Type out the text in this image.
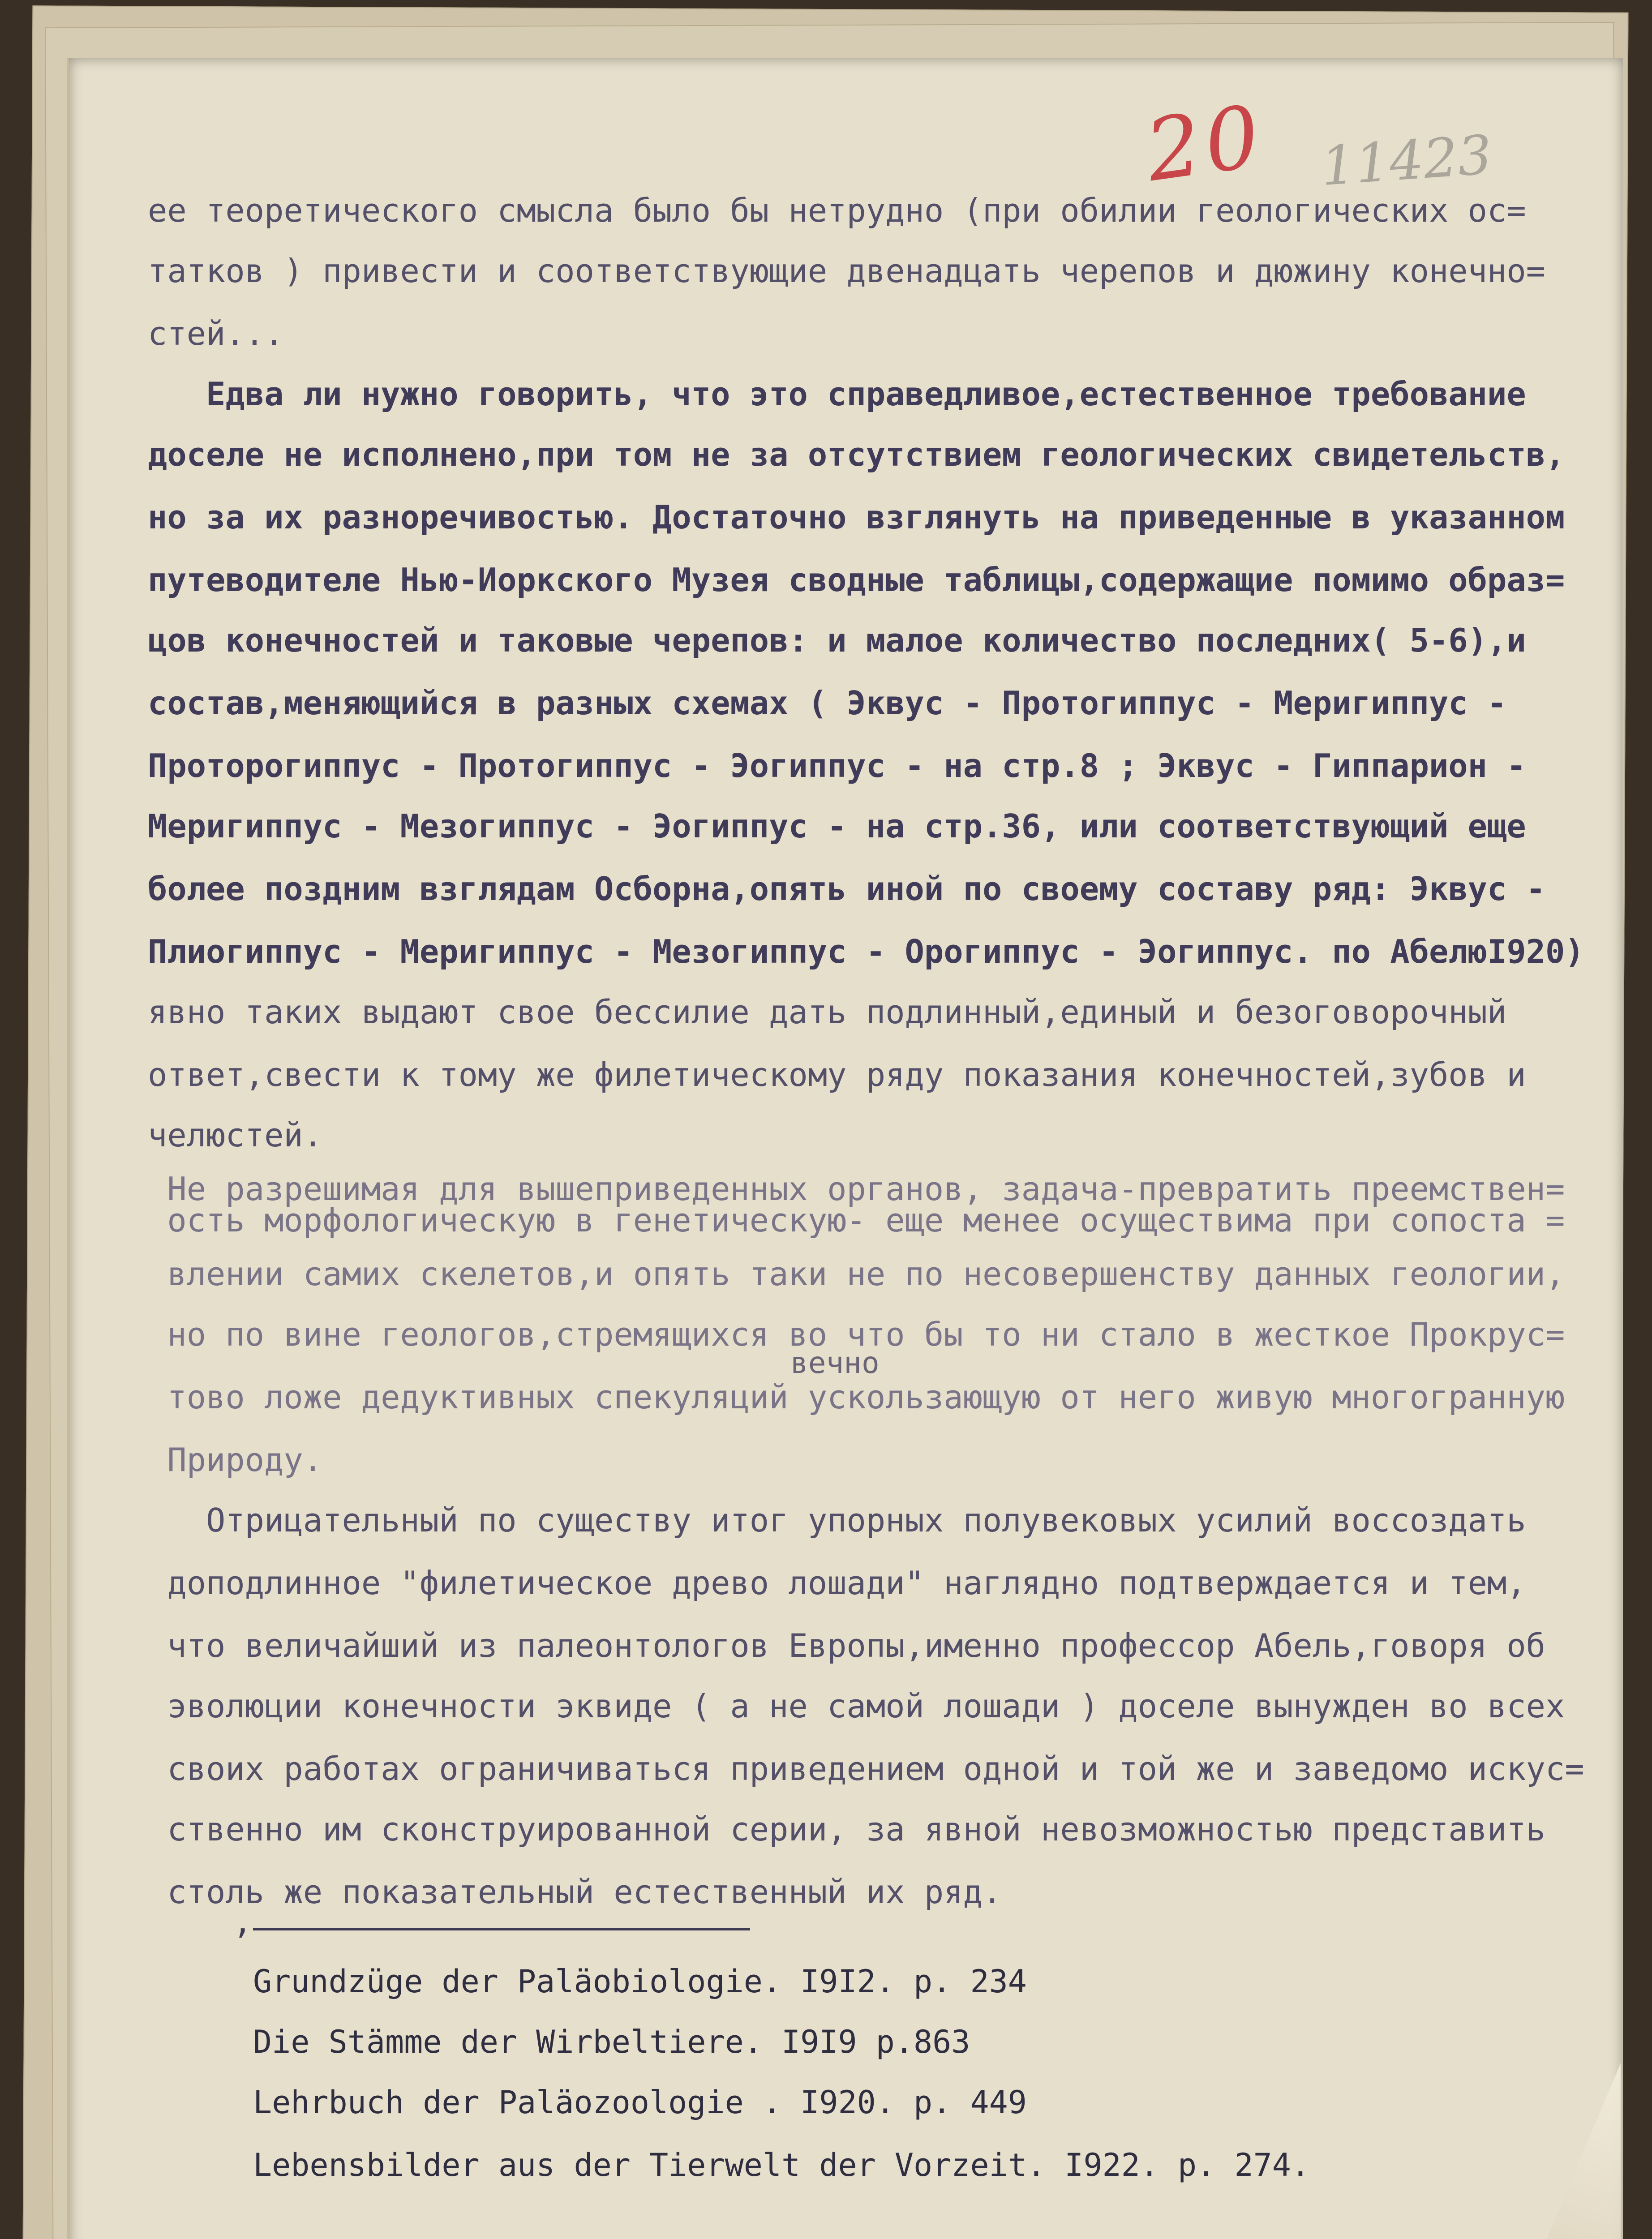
20 11423
ее теоретического смысла было бы нетрудно (при обилии геологических ос=
татков ) привести и соответствующие двенадцать черепов и дюжину конечно=
стей...
Едва ли нужно говорить, что это справедливое,естественное требование
доселе не исполнено,при том не за отсутствием геологических свидетельств,
но за их разноречивостью. Достаточно взглянуть на приведенные в указанном
путеводителе Нью-Иоркского Музея сводные таблицы,содержащие помимо образ=
цов конечностей и таковые черепов: и малое количество последних( 5-6),и
состав,меняющийся в разных схемах ( Эквус - Протогиппус - Меригиппус -
Проторогиппус - Протогиппус - Эогиппус - на стр.8 ; Эквус - Гиппарион -
Меригиппус - Мезогиппус - Эогиппус - на стр.36, или соответствующий еще
более поздним взглядам Осборна,опять иной по своему составу ряд: Эквус -
Плиогиппус - Меригиппус - Мезогиппус - Орогиппус - Эогиппус. по АбелюI920)
явно таких выдают свое бессилие дать подлинный,единый и безоговорочный
ответ,свести к тому же филетическому ряду показания конечностей,зубов и
челюстей.
Не разрешимая для вышеприведенных органов, задача-превратить преемствен=
ость морфологическую в генетическую- еще менее осуществима при сопоста =
влении самих скелетов,и опять таки не по несовершенству данных геологии,
но по вине геологов,стремящихся во что бы то ни стало в жесткое Прокрус=
вечно
тово ложе дедуктивных спекуляций ускользающую от него живую многогранную
Природу.
Отрицательный по существу итог упорных полувековых усилий воссоздать
доподлинное "филетическое древо лошади" наглядно подтверждается и тем,
что величайший из палеонтологов Европы,именно профессор Абель,говоря об
эволюции конечности эквиде ( а не самой лошади ) доселе вынужден во всех
своих работах ограничиваться приведением одной и той же и заведомо искус=
ственно им сконструированной серии, за явной невозможностью представить
столь же показательный естественный их ряд.
,
Grundzüge der Paläobiologie. I9I2. p. 234
Die Stämme der Wirbeltiere. I9I9 p.863
Lehrbuch der Paläozoologie . I920. p. 449
Lebensbilder aus der Tierwelt der Vorzeit. I922. p. 274.
